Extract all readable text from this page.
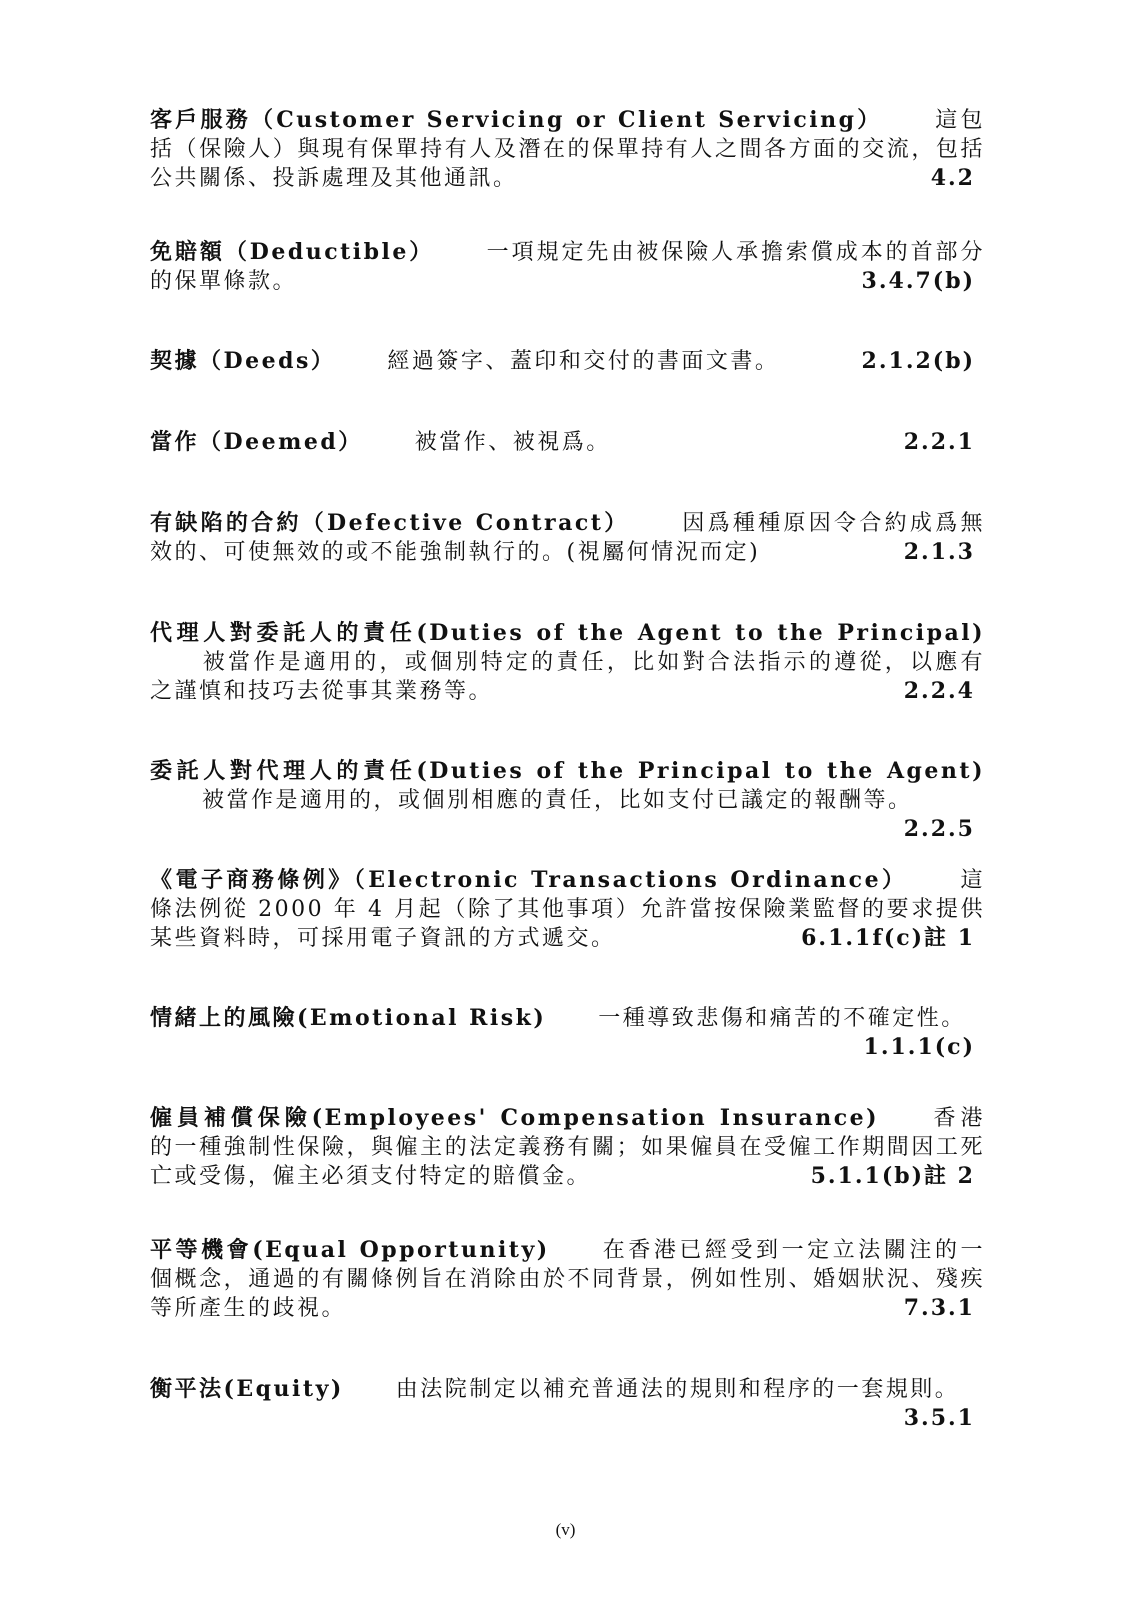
客戶服務（Customer Servicing or Client Servicing） 這包括（保險人）與現有保單持有人及潛在的保單持有人之間各方面的交流，包括公共關係、投訴處理及其他通訊。	4.2

免賠額（Deductible） 一項規定先由被保險人承擔索償成本的首部分的保單條款。	3.4.7(b)

契據（Deeds） 經過簽字、蓋印和交付的書面文書。	2.1.2(b)

當作（Deemed） 被當作、被視爲。	2.2.1

有缺陷的合約（Defective Contract） 因爲種種原因令合約成爲無效的、可使無效的或不能強制執行的。(視屬何情況而定)	2.1.3

代理人對委託人的責任(Duties of the Agent to the Principal)被當作是適用的，或個別特定的責任，比如對合法指示的遵從，以應有之謹慎和技巧去從事其業務等。	2.2.4

委託人對代理人的責任(Duties of the Principal to the Agent)被當作是適用的，或個別相應的責任，比如支付已議定的報酬等。
2.2.5

《電子商務條例》（Electronic Transactions Ordinance） 這條法例從 2000 年 4 月起（除了其他事項）允許當按保險業監督的要求提供某些資料時，可採用電子資訊的方式遞交。	6.1.1f(c)註 1

情緒上的風險(Emotional Risk) 一種導致悲傷和痛苦的不確定性。
1.1.1(c)

僱員補償保險(Employees' Compensation Insurance) 香港的一種強制性保險，與僱主的法定義務有關；如果僱員在受僱工作期間因工死亡或受傷，僱主必須支付特定的賠償金。	5.1.1(b)註 2

平等機會(Equal Opportunity) 在香港已經受到一定立法關注的一個概念，通過的有關條例旨在消除由於不同背景，例如性別、婚姻狀況、殘疾等所產生的歧視。	7.3.1

衡平法(Equity) 由法院制定以補充普通法的規則和程序的一套規則。
3.5.1

(v)
